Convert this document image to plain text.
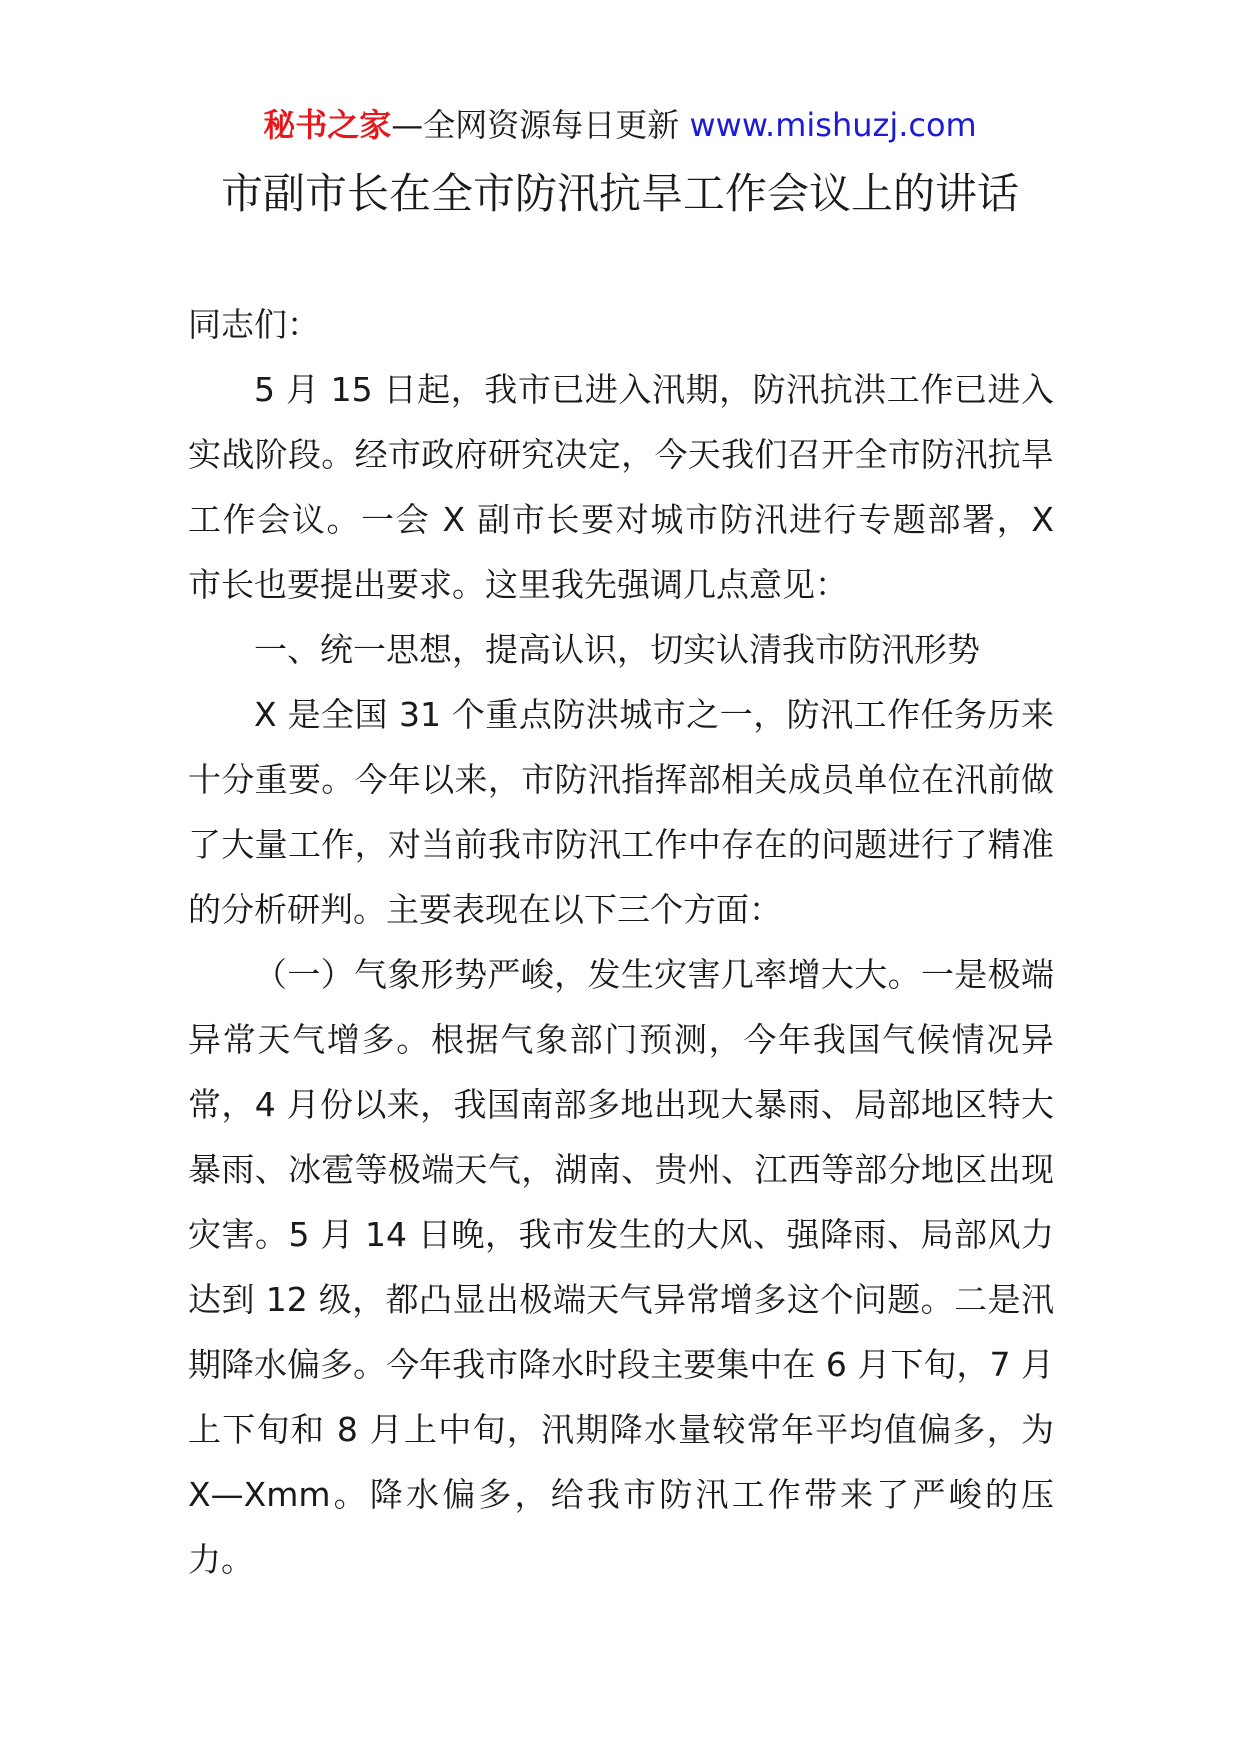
秘书之家—全网资源每日更新 www.mishuzj.com
市副市长在全市防汛抗旱工作会议上的讲话

同志们：

5 月 15 日起，我市已进入汛期，防汛抗洪工作已进入实战阶段。经市政府研究决定，今天我们召开全市防汛抗旱工作会议。一会 X 副市长要对城市防汛进行专题部署，X 市长也要提出要求。这里我先强调几点意见：

一、统一思想，提高认识，切实认清我市防汛形势

X 是全国 31 个重点防洪城市之一，防汛工作任务历来十分重要。今年以来，市防汛指挥部相关成员单位在汛前做了大量工作，对当前我市防汛工作中存在的问题进行了精准的分析研判。主要表现在以下三个方面：

（一）气象形势严峻，发生灾害几率增大大。一是极端异常天气增多。根据气象部门预测，今年我国气候情况异常，4 月份以来，我国南部多地出现大暴雨、局部地区特大暴雨、冰雹等极端天气，湖南、贵州、江西等部分地区出现灾害。5 月 14 日晚，我市发生的大风、强降雨、局部风力达到 12 级，都凸显出极端天气异常增多这个问题。二是汛期降水偏多。今年我市降水时段主要集中在 6 月下旬，7 月上下旬和 8 月上中旬，汛期降水量较常年平均值偏多，为 X—Xmm。降水偏多，给我市防汛工作带来了严峻的压力。
